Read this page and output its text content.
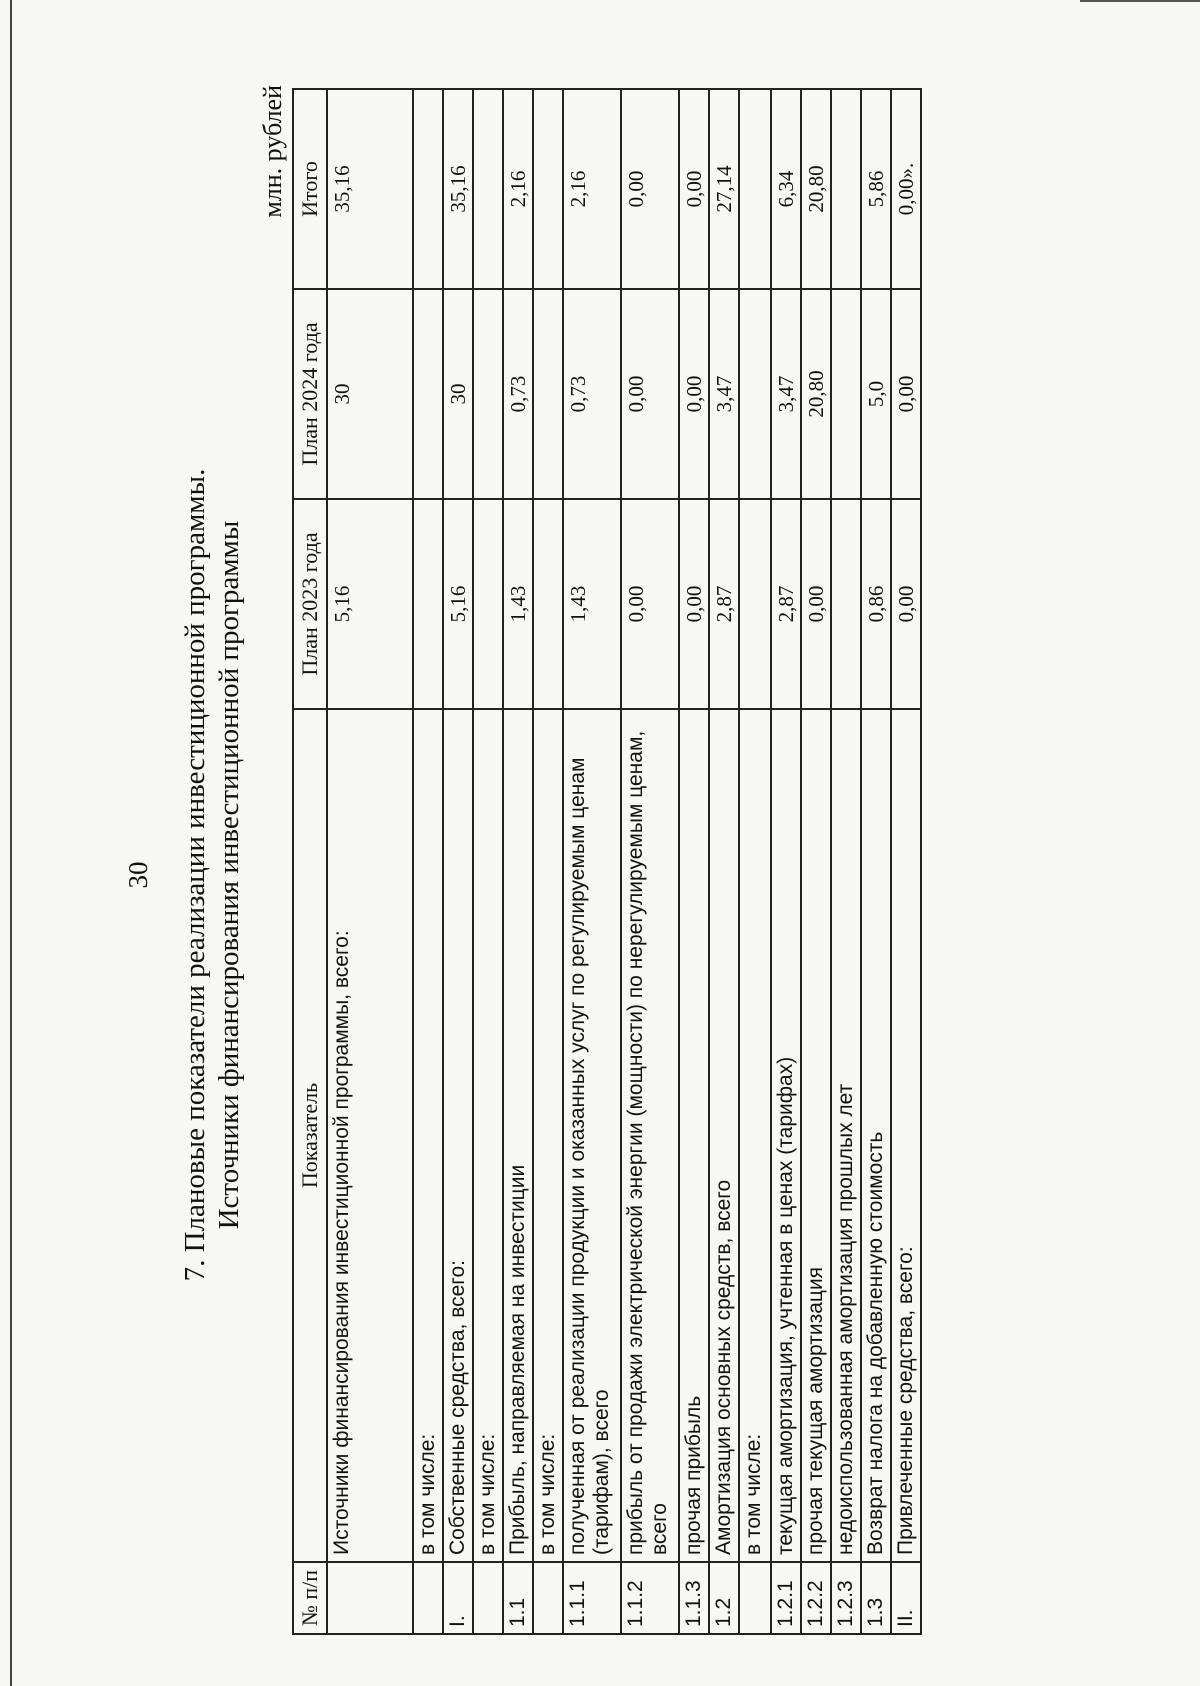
30 7. Плановые показатели реализации инвестиционной программы. Источники финансирования инвестиционной программы
млн. рублей
№ п/п	Показатель	План 2023 года	План 2024 года	Итого
	Источники финансирования инвестиционной программы, всего:	5,16	30	35,16
	в том числе:			
I.	Собственные средства, всего:	5,16	30	35,16
	в том числе:			
1.1	Прибыль, направляемая на инвестиции	1,43	0,73	2,16
	в том числе:			
1.1.1	полученная от реализации продукции и оказанных услуг по регулируемым ценам (тарифам), всего	1,43	0,73	2,16
1.1.2	прибыль от продажи электрической энергии (мощности) по нерегулируемым ценам, всего	0,00	0,00	0,00
1.1.3	прочая прибыль	0,00	0,00	0,00
1.2	Амортизация основных средств, всего	2,87	3,47	27,14
	в том числе:			
1.2.1	текущая амортизация, учтенная в ценах (тарифах)	2,87	3,47	6,34
1.2.2	прочая текущая амортизация	0,00	20,80	20,80
1.2.3	недоиспользованная амортизация прошлых лет			
1.3	Возврат налога на добавленную стоимость	0,86	5,0	5,86
II.	Привлеченные средства, всего:	0,00	0,00	0,00».
